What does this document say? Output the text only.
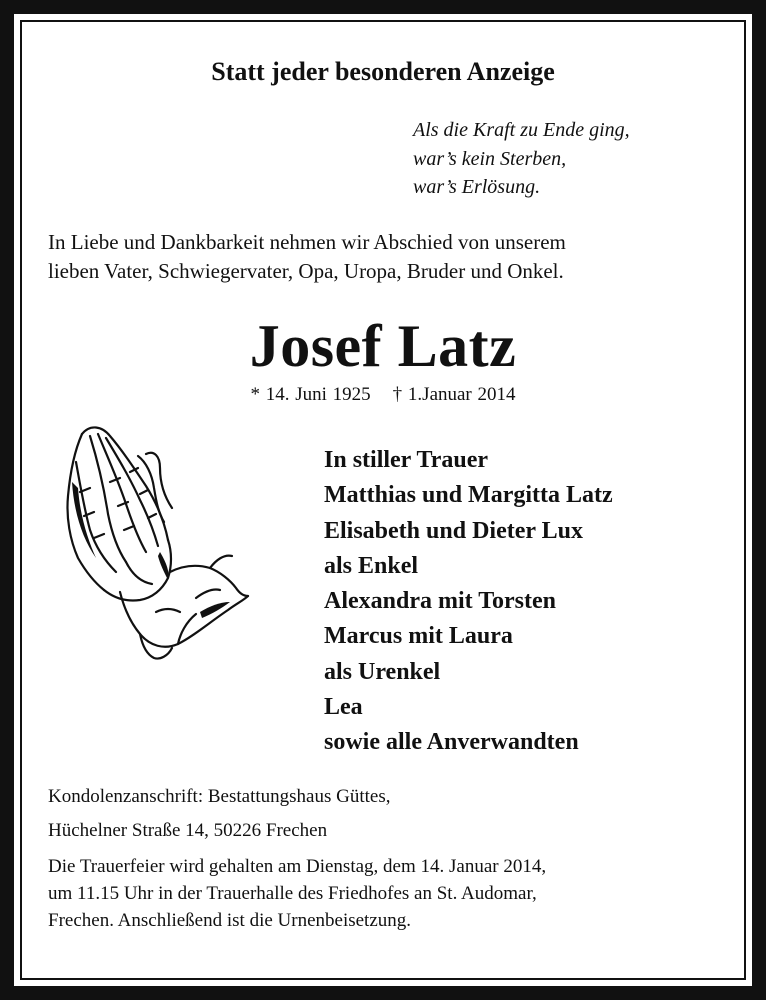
Statt jeder besonderen Anzeige
Als die Kraft zu Ende ging,
war’s kein Sterben,
war’s Erlösung.
In Liebe und Dankbarkeit nehmen wir Abschied von unserem
lieben Vater, Schwiegervater, Opa, Uropa, Bruder und Onkel.
Josef Latz
* 14. Juni 1925 † 1.Januar 2014
In stiller Trauer
Matthias und Margitta Latz
Elisabeth und Dieter Lux
als Enkel
Alexandra mit Torsten
Marcus mit Laura
als Urenkel
Lea
sowie alle Anverwandten
Kondolenzanschrift: Bestattungshaus Güttes,
Hüchelner Straße 14, 50226 Frechen
Die Trauerfeier wird gehalten am Dienstag, dem 14. Januar 2014,
um 11.15 Uhr in der Trauerhalle des Friedhofes an St. Audomar,
Frechen. Anschließend ist die Urnenbeisetzung.
